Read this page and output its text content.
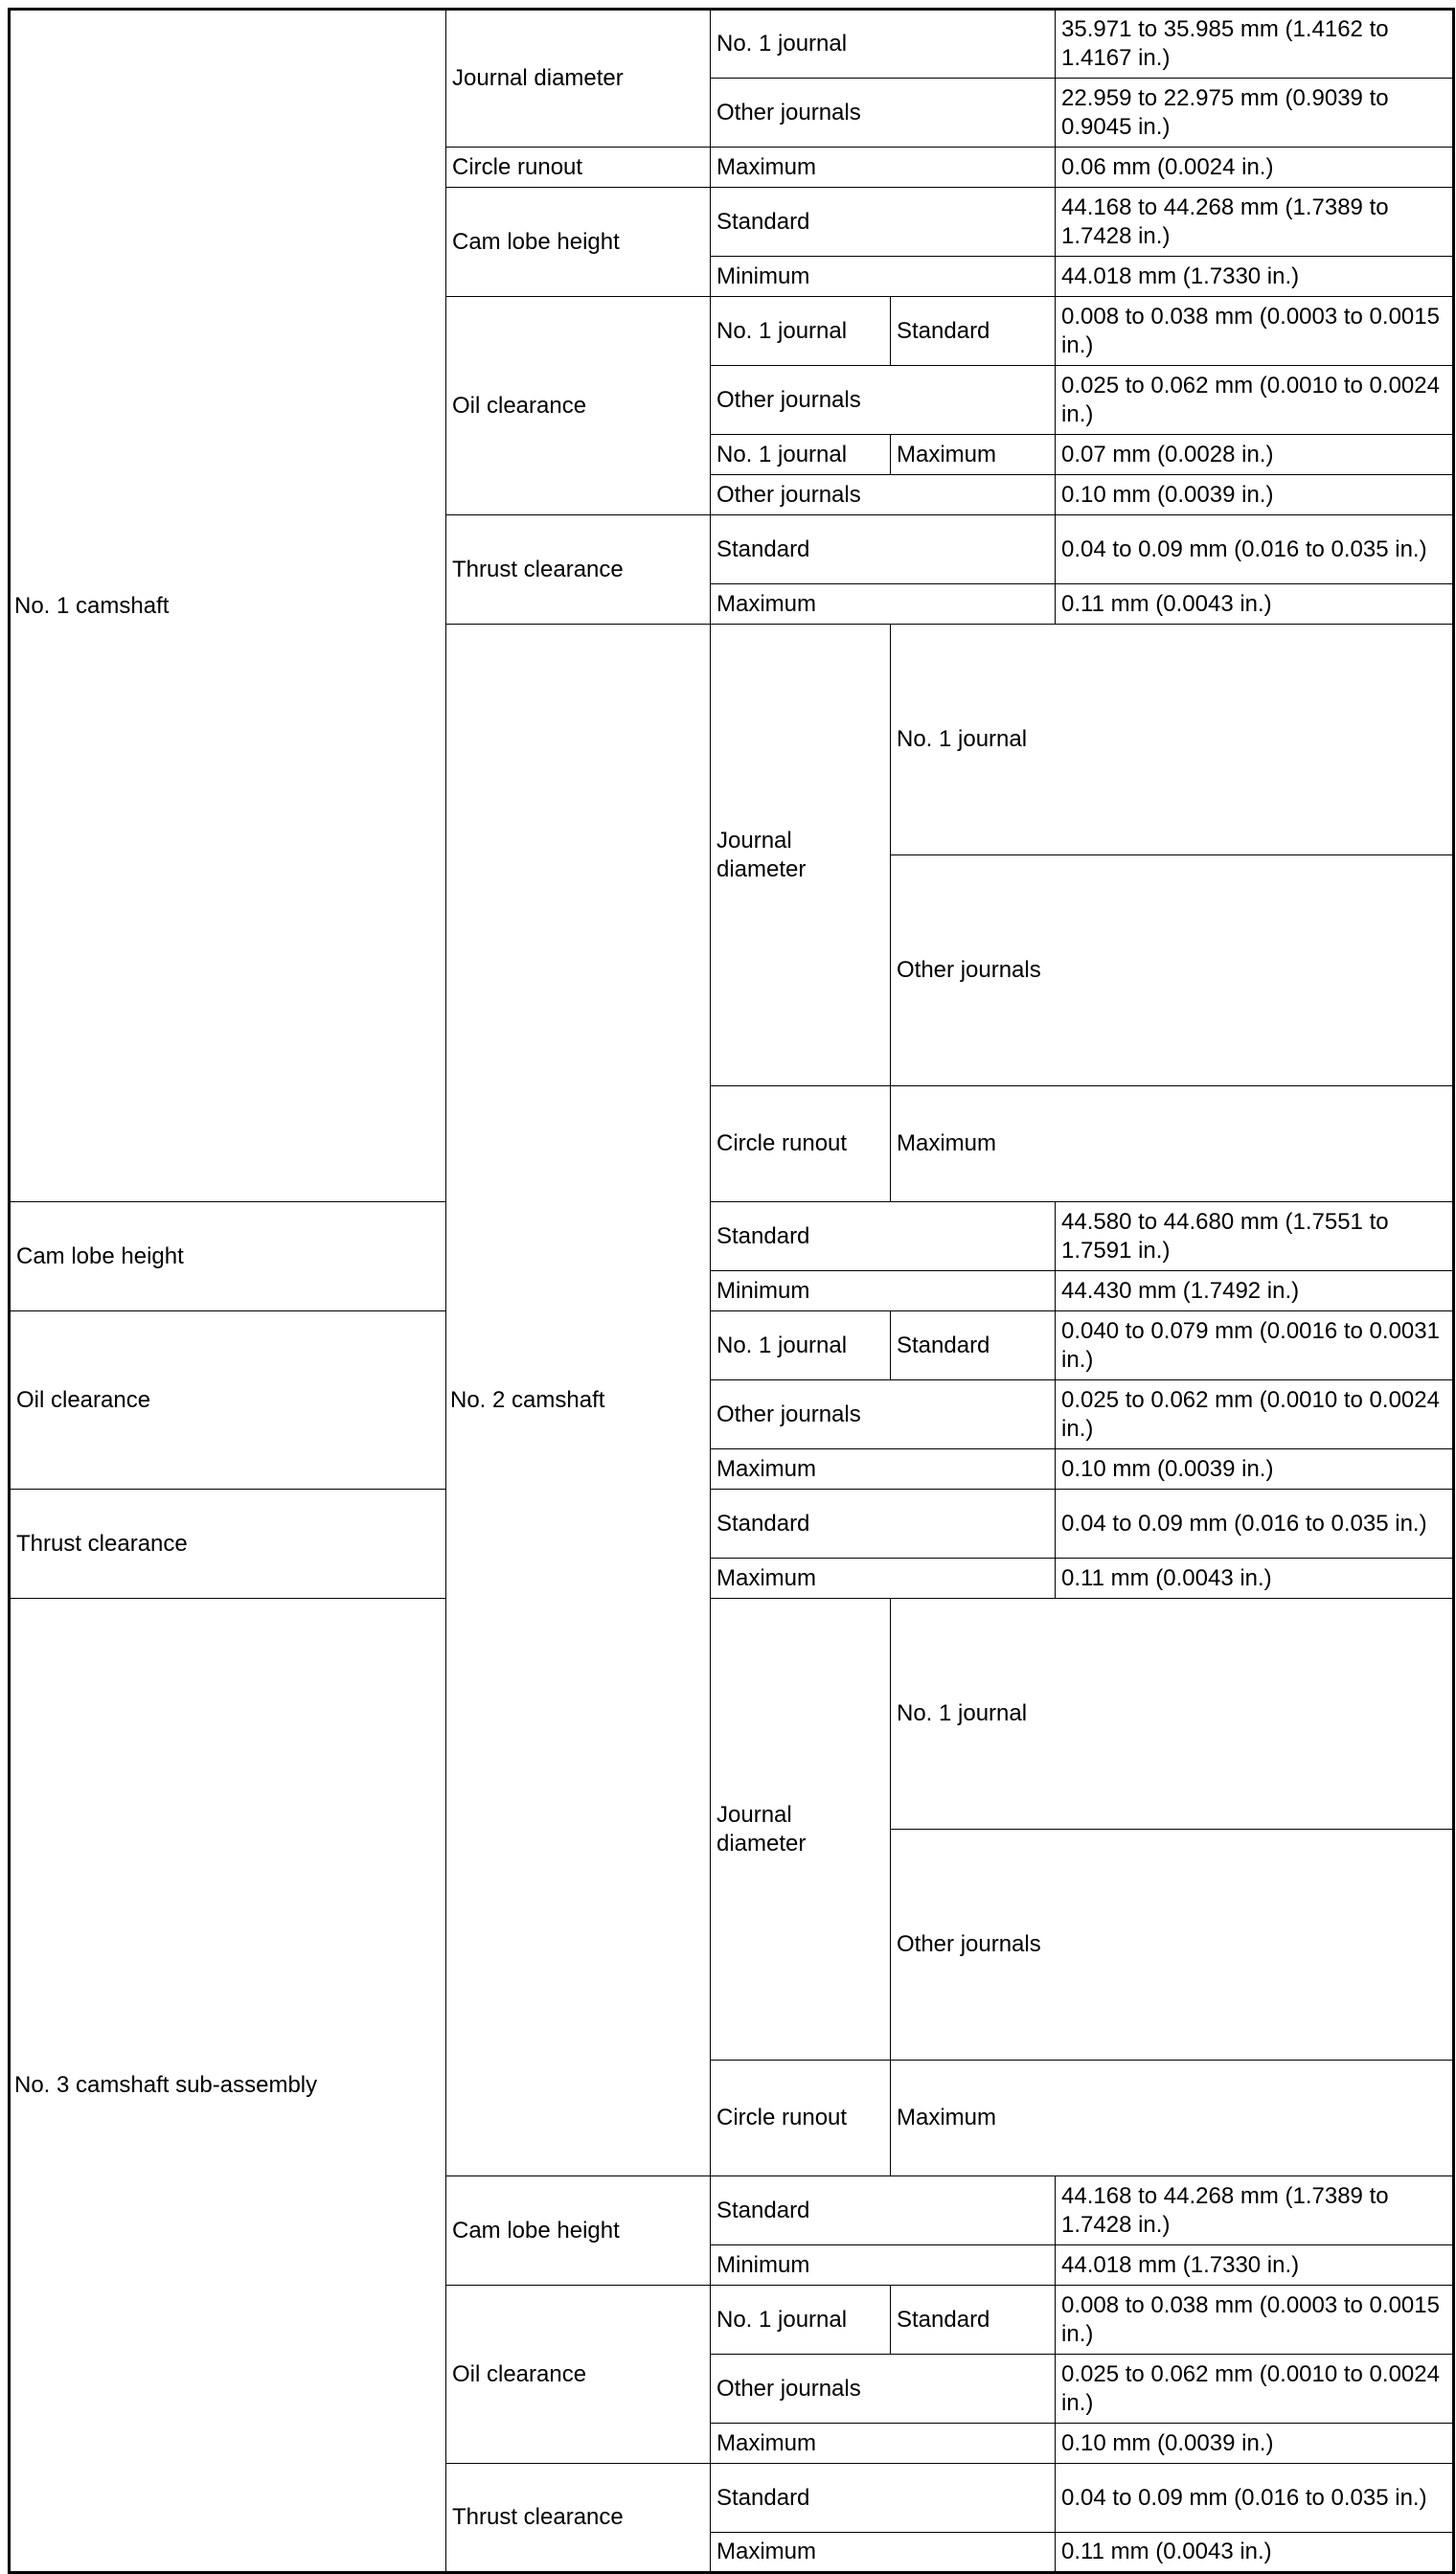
No. 1 camshaft	Journal diameter	No. 1 journal		35.971 to 35.985 mm (1.4162 to 1.4167 in.)	
		Other journals		22.959 to 22.975 mm (0.9039 to 0.9045 in.)	
	Circle runout	Maximum		0.06 mm (0.0024 in.)	
	Cam lobe height	Standard		44.168 to 44.268 mm (1.7389 to 1.7428 in.)	
		Minimum		44.018 mm (1.7330 in.)	
	Oil clearance	No. 1 journal	Standard	0.008 to 0.038 mm (0.0003 to 0.0015 in.)	
		Other journals		0.025 to 0.062 mm (0.0010 to 0.0024 in.)	
		No. 1 journal	Maximum	0.07 mm (0.0028 in.)	
		Other journals		0.10 mm (0.0039 in.)	
	Thrust clearance	Standard		0.04 to 0.09 mm (0.016 to 0.035 in.)	
		Maximum		0.11 mm (0.0043 in.)	
	No. 2 camshaft	Journal diameter	No. 1 journal	
			Other journals	
		Circle runout	Maximum	
Cam lobe height		Standard		44.580 to 44.680 mm (1.7551 to 1.7591 in.)	
		Minimum		44.430 mm (1.7492 in.)	
Oil clearance		No. 1 journal	Standard	0.040 to 0.079 mm (0.0016 to 0.0031 in.)	
		Other journals		0.025 to 0.062 mm (0.0010 to 0.0024 in.)	
		Maximum		0.10 mm (0.0039 in.)	
Thrust clearance		Standard		0.04 to 0.09 mm (0.016 to 0.035 in.)	
		Maximum		0.11 mm (0.0043 in.)	
No. 3 camshaft sub-assembly		Journal diameter	No. 1 journal	
			Other journals	
		Circle runout	Maximum	
	Cam lobe height	Standard		44.168 to 44.268 mm (1.7389 to 1.7428 in.)	
		Minimum		44.018 mm (1.7330 in.)	
	Oil clearance	No. 1 journal	Standard	0.008 to 0.038 mm (0.0003 to 0.0015 in.)	
		Other journals		0.025 to 0.062 mm (0.0010 to 0.0024 in.)	
		Maximum		0.10 mm (0.0039 in.)	
	Thrust clearance	Standard		0.04 to 0.09 mm (0.016 to 0.035 in.)	
		Maximum		0.11 mm (0.0043 in.)	
